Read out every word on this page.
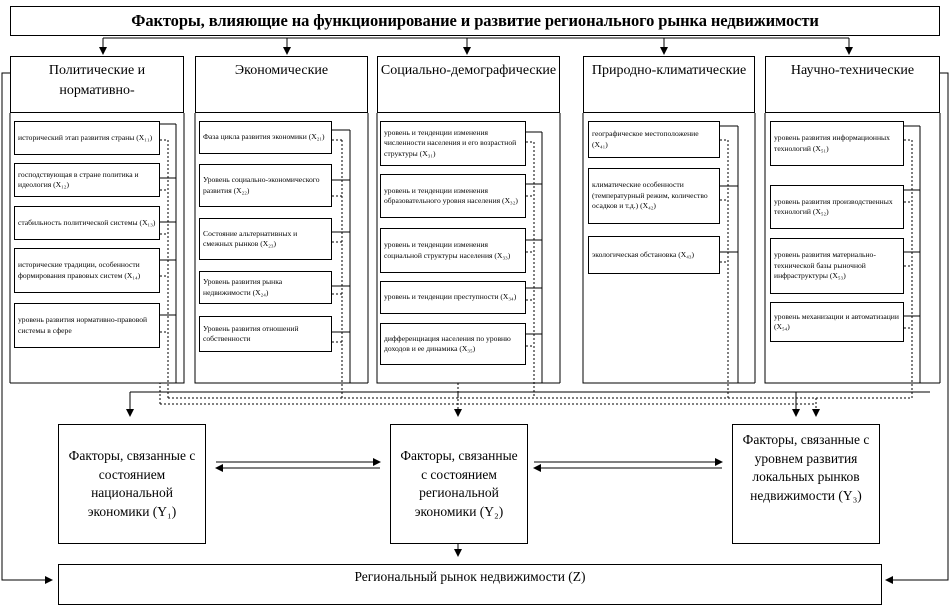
Факторы, влияющие на функционирование и развитие регионального рынка недвижимости
Политические и нормативно-
Экономические	Социально-демографические	Природно-климатические	Научно-технические
исторический этап развития страны (X₁₁)
господствующая в стране политика и идеология (X₁₂)
стабильность политической системы (X₁₃)
исторические традиции, особенности формирования правовых систем (X₁₄)
уровень развития нормативно-правовой системы в сфере
Фаза цикла развития экономики (X₂₁)
Уровень социально-экономического развития (X₂₂)
Состояние альтернативных и смежных рынков (X₂₃)
Уровень развития рынка недвижимости (X₂₄)
Уровень развития отношений собственности
уровень и тенденции изменения численности населения и его возрастной структуры (X₃₁)
уровень и тенденции изменения образовательного уровня населения (X₃₂)
уровень и тенденции изменения социальной структуры населения (X₃₃)
уровень и тенденции преступности (X₃₄)
дифференциация населения по уровню доходов и ее динамика (X₃₅)
географическое местоположение (X₄₁)
климатические особенности (температурный режим, количество осадков и т.д.) (X₄₂)
экологическая обстановка (X₄₃)
уровень развития информационных технологий (X₅₁)
уровень развития производственных технологий (X₅₂)
уровень развития материально-технической базы рыночной инфраструктуры (X₅₃)
уровень механизации и автоматизации (X₅₄)
Факторы, связанные с состоянием национальной экономики (Y₁)
Факторы, связанные с состоянием региональной экономики (Y₂)
Факторы, связанные с уровнем развития локальных рынков недвижимости (Y₃)
Региональный рынок недвижимости (Z)
